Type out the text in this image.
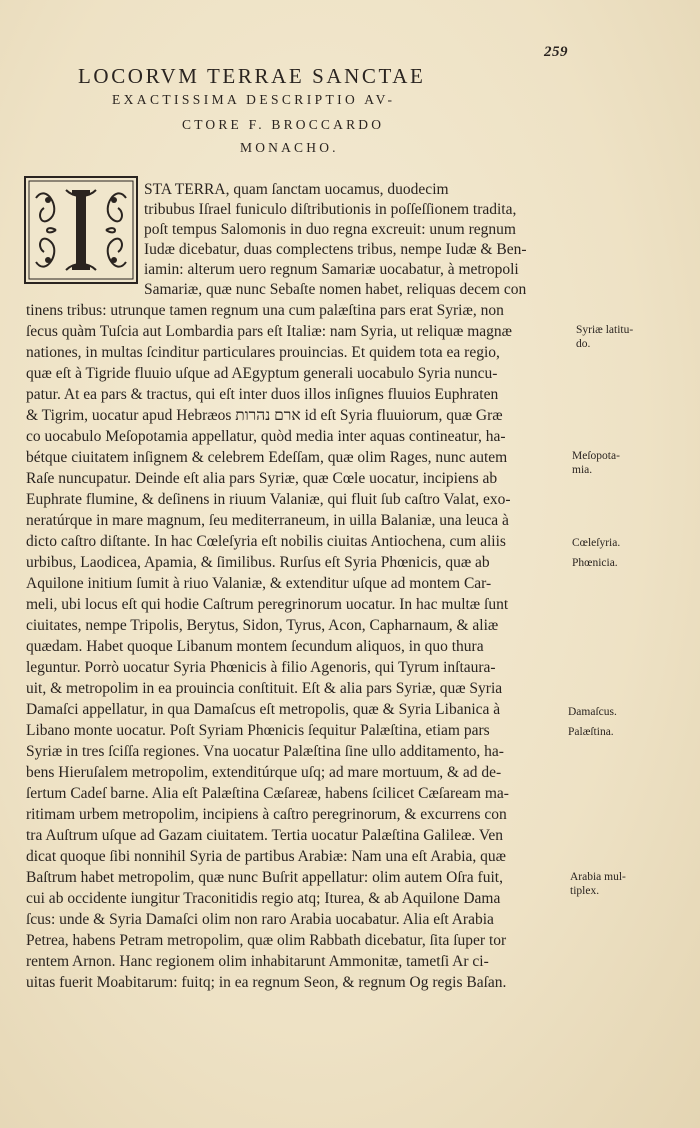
259
LOCORVM TERRAE SANCTAE
EXACTISSIMA DESCRIPTIO AV-
CTORE F. BROCCARDO
MONACHO.
STA TERRA, quam ſanctam uocamus, duodecim
tribubus Iſrael funiculo diſtributionis in poſſeſſionem tradita,
poſt tempus Salomonis in duo regna excreuit: unum regnum
Iudæ dicebatur, duas complectens tribus, nempe Iudæ & Ben-
iamin: alterum uero regnum Samariæ uocabatur, à metropoli
Samariæ, quæ nunc Sebaſte nomen habet, reliquas decem con
tinens tribus: utrunque tamen regnum una cum palæſtina pars erat Syriæ, non
ſecus quàm Tuſcia aut Lombardia pars eſt Italiæ: nam Syria, ut reliquæ magnæ
nationes, in multas ſcinditur particulares prouincias. Et quidem tota ea regio,
quæ eſt à Tigride fluuio uſque ad AEgyptum generali uocabulo Syria nuncu-
patur. At ea pars & tractus, qui eſt inter duos illos inſignes fluuios Euphraten
& Tigrim, uocatur apud Hebræos ארם נהרות id eſt Syria fluuiorum, quæ Græ
co uocabulo Meſopotamia appellatur, quòd media inter aquas contineatur, ha-
bétque ciuitatem inſignem & celebrem Edeſſam, quæ olim Rages, nunc autem
Raſe nuncupatur. Deinde eſt alia pars Syriæ, quæ Cœle uocatur, incipiens ab
Euphrate flumine, & deſinens in riuum Valaniæ, qui fluit ſub caſtro Valat, exo-
neratúrque in mare magnum, ſeu mediterraneum, in uilla Balaniæ, una leuca à
dicto caſtro diſtante. In hac Cœleſyria eſt nobilis ciuitas Antiochena, cum aliis
urbibus, Laodicea, Apamia, & ſimilibus. Rurſus eſt Syria Phœnicis, quæ ab
Aquilone initium ſumit à riuo Valaniæ, & extenditur uſque ad montem Car-
meli, ubi locus eſt qui hodie Caſtrum peregrinorum uocatur. In hac multæ ſunt
ciuitates, nempe Tripolis, Berytus, Sidon, Tyrus, Acon, Capharnaum, & aliæ
quædam. Habet quoque Libanum montem ſecundum aliquos, in quo thura
leguntur. Porrò uocatur Syria Phœnicis à filio Agenoris, qui Tyrum inſtaura-
uit, & metropolim in ea prouincia conſtituit. Eſt & alia pars Syriæ, quæ Syria
Damaſci appellatur, in qua Damaſcus eſt metropolis, quæ & Syria Libanica à
Libano monte uocatur. Poſt Syriam Phœnicis ſequitur Palæſtina, etiam pars
Syriæ in tres ſciſſa regiones. Vna uocatur Palæſtina ſine ullo additamento, ha-
bens Hieruſalem metropolim, extenditúrque uſq; ad mare mortuum, & ad de-
ſertum Cadeſ barne. Alia eſt Palæſtina Cæſareæ, habens ſcilicet Cæſaream ma-
ritimam urbem metropolim, incipiens à caſtro peregrinorum, & excurrens con
tra Auſtrum uſque ad Gazam ciuitatem. Tertia uocatur Palæſtina Galileæ. Ven
dicat quoque ſibi nonnihil Syria de partibus Arabiæ: Nam una eſt Arabia, quæ
Baſtrum habet metropolim, quæ nunc Buſrit appellatur: olim autem Oſra fuit,
cui ab occidente iungitur Traconitidis regio atq; Iturea, & ab Aquilone Dama
ſcus: unde & Syria Damaſci olim non raro Arabia uocabatur. Alia eſt Arabia
Petrea, habens Petram metropolim, quæ olim Rabbath dicebatur, ſita ſuper tor
rentem Arnon. Hanc regionem olim inhabitarunt Ammonitæ, tametſi Ar ci-
uitas fuerit Moabitarum: fuitq; in ea regnum Seon, & regnum Og regis Baſan.
Syriæ latitu-
do.
Meſopota-
mia.
Cœleſyria.
Phœnicia.
Damaſcus.
Palæſtina.
Arabia mul-
tiplex.
